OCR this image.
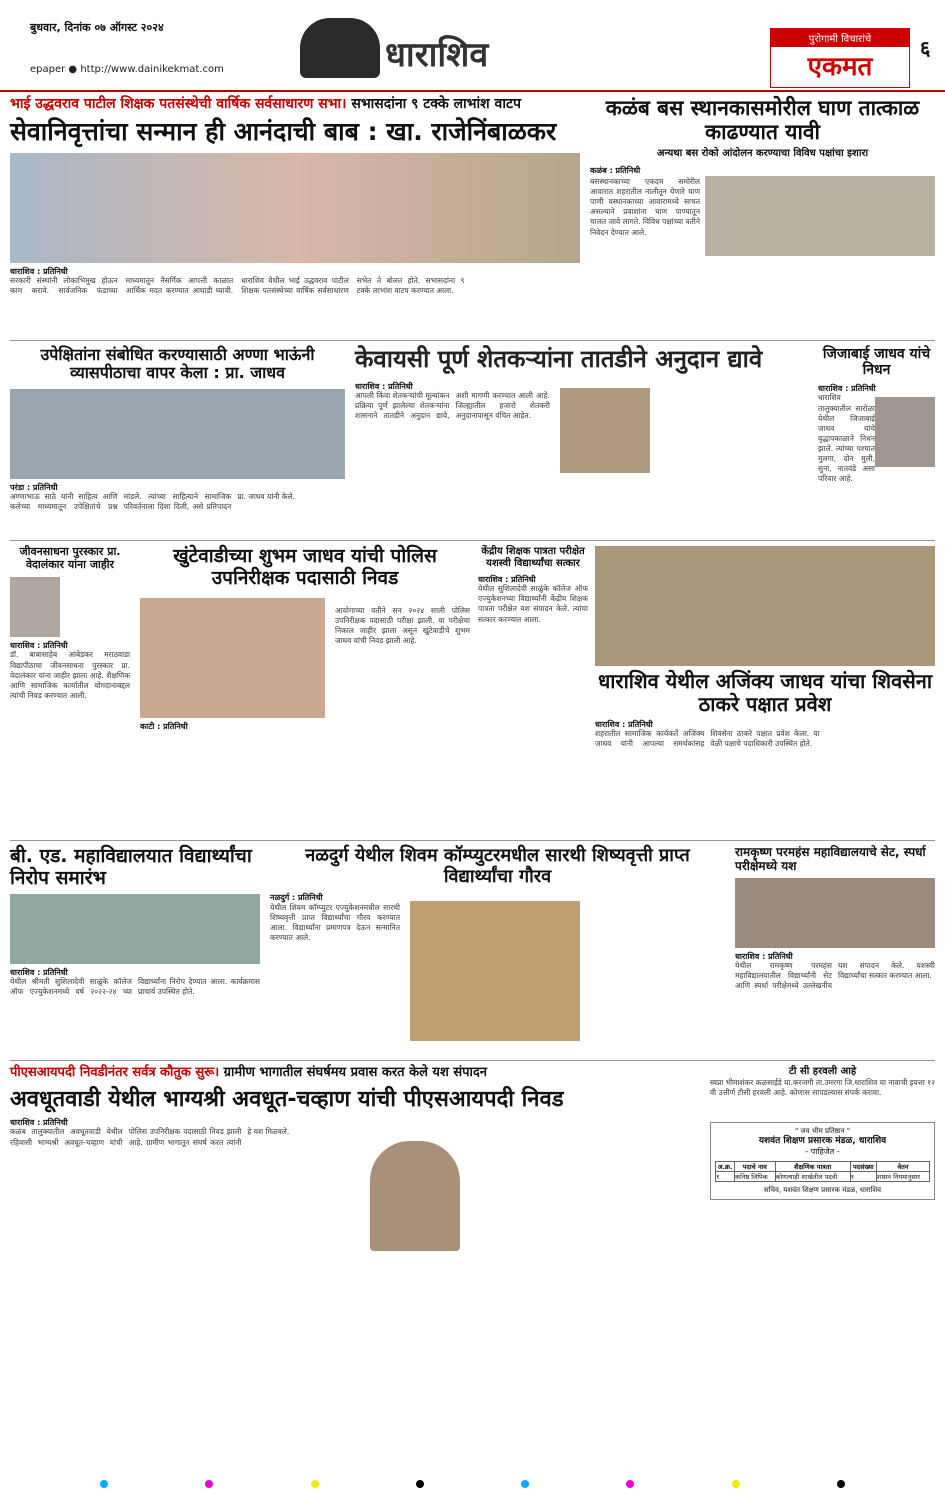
बुधवार, दिनांक ०७ ऑगस्ट २०२४
epaper ● http://www.dainikekmat.com	धाराशिव	पुरोगामी विचारांचे
एकमत
६
भाई उद्धवराव पाटील शिक्षक पतसंस्थेची वार्षिक सर्वसाधारण सभा। सभासदांना ९ टक्के लाभांश वाटप
सेवानिवृत्तांचा सन्मान ही आनंदाची बाब : खा. राजेनिंबाळकर
धाराशिव : प्रतिनिधी
सरकारी संस्थांनी लोकाभिमुख होऊन काम करावे. सार्वजनिक फंडाच्या माध्यमातून नैसर्गिक आपत्ती काळात आर्थिक मदत करण्यात आघाडी घ्यावी. धाराशिव येथील भाई उद्धवराव पाटील शिक्षक पतसंस्थेच्या वार्षिक सर्वसाधारण सभेत ते बोलत होते. सभासदांना ९ टक्के लाभांश वाटप करण्यात आला.
कळंब बस स्थानकासमोरील घाण तात्काळ काढण्यात यावी
अन्यथा बस रोको आंदोलन करण्याचा विविध पक्षांचा इशारा
कळंब : प्रतिनिधी
बसस्थानकाच्या एकदम समोरील आवारात शहरातील नालीतून येणारे घाण पाणी वस्थानकाच्या आवारामध्ये साचत असल्याने प्रवाशांना घाण पाण्यातून चालत जावे लागते. विविध पक्षांच्या वतीने निवेदन देण्यात आले.
उपेक्षितांना संबोधित करण्यासाठी अण्णा भाऊंनी व्यासपीठाचा वापर केला : प्रा. जाधव
परंडा : प्रतिनिधी
अण्णाभाऊ साठे यांनी साहित्य आणि कलेच्या माध्यमातून उपेक्षितांचे प्रश्न मांडले. त्यांच्या साहित्याने सामाजिक परिवर्तनाला दिशा दिली, असे प्रतिपादन प्रा. जाधव यांनी केले.
केवायसी पूर्ण शेतकऱ्यांना तातडीने अनुदान द्यावे
धाराशिव : प्रतिनिधी
आपली किंवा शेतकऱ्यांची मूल्यांकन प्रक्रिया पूर्ण झालेल्या शेतकऱ्यांना शासनाने तातडीने अनुदान द्यावे, अशी मागणी करण्यात आली आहे. जिल्ह्यातील हजारो शेतकरी अनुदानापासून वंचित आहेत.
जिजाबाई जाधव यांचे निधन
धाराशिव : प्रतिनिधी
धाराशिव तालुक्यातील सारोळा येथील जिजाबाई जाधव यांचे वृद्धापकाळाने निधन झाले. त्यांच्या पश्चात मुलगा, दोन मुली, सुना, नातवंडे असा परिवार आहे.
जीवनसाधना पुरस्कार प्रा. वेदालंकार यांना जाहीर
धाराशिव : प्रतिनिधी
डॉ. बाबासाहेब आंबेडकर मराठवाडा विद्यापीठाचा जीवनसाधना पुरस्कार प्रा. वेदालंकार यांना जाहीर झाला आहे. शैक्षणिक आणि सामाजिक कार्यातील योगदानाबद्दल त्यांची निवड करण्यात आली.
खुंटेवाडीच्या शुभम जाधव यांची पोलिस उपनिरीक्षक पदासाठी निवड
काटी : प्रतिनिधी
आयोगाच्या वतीने सन २०२४ साली पोलिस उपनिरीक्षक पदासाठी परीक्षा झाली. या परीक्षेचा निकाल जाहीर झाला असून खुंटेवाडीचे शुभम जाधव यांची निवड झाली आहे.
केंद्रीय शिक्षक पात्रता परीक्षेत यशस्वी विद्यार्थ्यांचा सत्कार
धाराशिव : प्रतिनिधी
येथील सुशिलादेवी साळुंके कॉलेज ऑफ एज्युकेशनच्या विद्यार्थ्यांनी केंद्रीय शिक्षक पात्रता परीक्षेत यश संपादन केले. त्यांचा सत्कार करण्यात आला.
धाराशिव येथील अजिंक्य जाधव यांचा शिवसेना ठाकरे पक्षात प्रवेश
धाराशिव : प्रतिनिधी
शहरातील सामाजिक कार्यकर्ते अजिंक्य जाधव यांनी आपल्या समर्थकांसह शिवसेना ठाकरे पक्षात प्रवेश केला. या वेळी पक्षाचे पदाधिकारी उपस्थित होते.
बी. एड. महाविद्यालयात विद्यार्थ्यांचा निरोप समारंभ
धाराशिव : प्रतिनिधी
येथील श्रीमती सुशिलादेवी साळुंके कॉलेज ऑफ एज्युकेशनमध्ये वर्ष २०२२-२४ च्या विद्यार्थ्यांना निरोप देण्यात आला. कार्यक्रमास प्राचार्य उपस्थित होते.
नळदुर्ग येथील शिवम कॉम्प्युटरमधील सारथी शिष्यवृत्ती प्राप्त विद्यार्थ्यांचा गौरव
नळदुर्ग : प्रतिनिधी
येथील शिवम कॉम्प्युटर एज्युकेशनमधील सारथी शिष्यवृत्ती प्राप्त विद्यार्थ्यांचा गौरव करण्यात आला. विद्यार्थ्यांना प्रमाणपत्र देऊन सन्मानित करण्यात आले.
रामकृष्ण परमहंस महाविद्यालयाचे सेट, स्पर्धा परीक्षेमध्ये यश
धाराशिव : प्रतिनिधी
येथील रामकृष्ण परमहंस महाविद्यालयातील विद्यार्थ्यांनी सेट आणि स्पर्धा परीक्षेमध्ये उल्लेखनीय यश संपादन केले. यशस्वी विद्यार्थ्यांचा सत्कार करण्यात आला.
पीएसआयपदी निवडीनंतर सर्वत्र कौतुक सुरू। ग्रामीण भागातील संघर्षमय प्रवास करत केले यश संपादन
अवधूतवाडी येथील भाग्यश्री अवधूत-चव्हाण यांची पीएसआयपदी निवड
धाराशिव : प्रतिनिधी
कळंब तालुक्यातील अवधूतवाडी येथील रहिवासी भाग्यश्री अवधूत-चव्हाण यांची पोलिस उपनिरीक्षक पदासाठी निवड झाली आहे. ग्रामीण भागातून संघर्ष करत त्यांनी हे यश मिळवले.
टी सी हरवली आहे
स्वप्ना भीमाशंकर कळसाईडे या.करजगी ता.उमरगा जि.धाराशिव या नावाची इयत्ता १२ वी उत्तीर्ण टीसी हरवली आहे. कोणास सापडल्यास संपर्क करावा.
" जय भीम प्रतिष्ठान "
यशवंत शिक्षण प्रसारक मंडळ, धाराशिव
- पाहिजेत -
अ.क्र.	पदाचे नाव	शैक्षणिक पात्रता	पदसंख्या	वेतन
१	कनिष्ठ लिपिक	कोणत्याही शाखेतील पदवी	१	शासन नियमानुसार
सचिव, यशवंत शिक्षण प्रसारक मंडळ, धाराशिव
